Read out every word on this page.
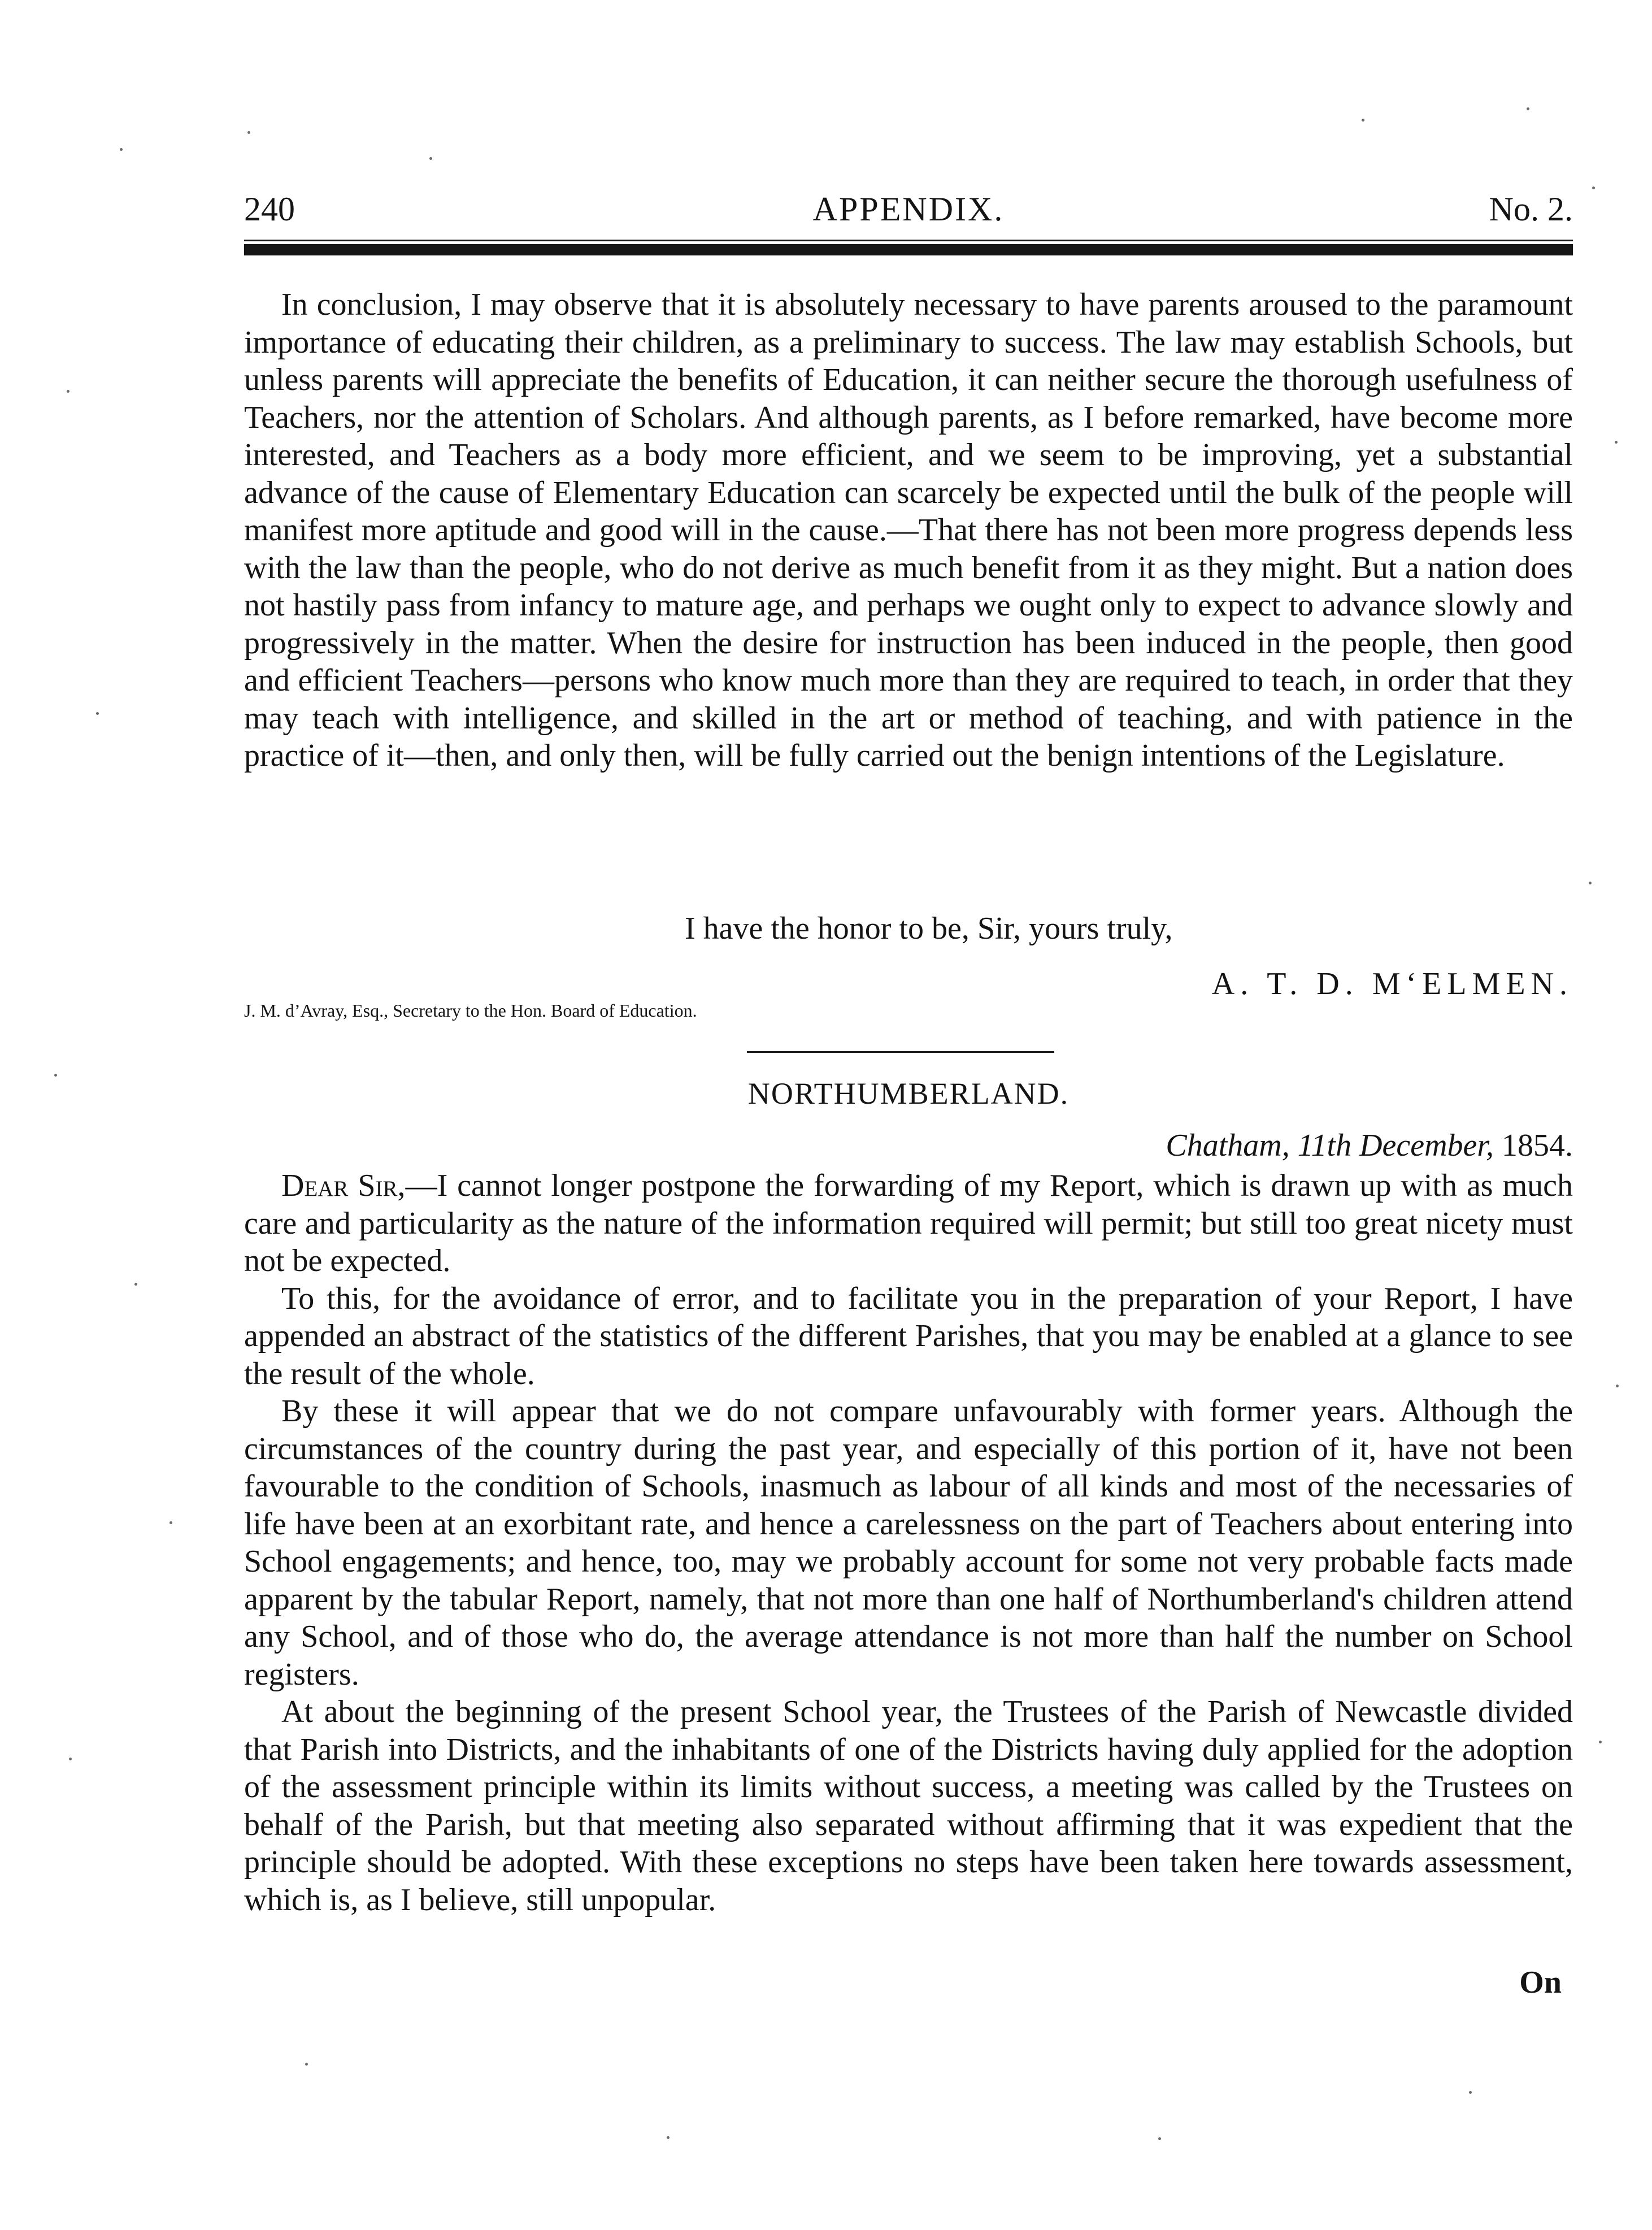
240	APPENDIX.	No. 2.

In conclusion, I may observe that it is absolutely necessary to have parents aroused to the paramount importance of educating their children, as a preliminary to success. The law may establish Schools, but unless parents will appreciate the benefits of Education, it can neither secure the thorough usefulness of Teachers, nor the attention of Scholars. And although parents, as I before remarked, have become more interested, and Teachers as a body more efficient, and we seem to be improving, yet a substantial advance of the cause of Elementary Education can scarcely be expected until the bulk of the people will manifest more aptitude and good will in the cause.—That there has not been more progress depends less with the law than the people, who do not derive as much benefit from it as they might. But a nation does not hastily pass from infancy to mature age, and perhaps we ought only to expect to advance slowly and progressively in the matter. When the desire for instruction has been induced in the people, then good and efficient Teachers—persons who know much more than they are required to teach, in order that they may teach with intelligence, and skilled in the art or method of teaching, and with patience in the practice of it—then, and only then, will be fully carried out the benign intentions of the Legislature.

I have the honor to be, Sir, yours truly,
A. T. D. M‘ELMEN.
J. M. d’Avray, Esq., Secretary to the Hon. Board of Education.
NORTHUMBERLAND.
Chatham, 11th December, 1854.

Dear Sir,—I cannot longer postpone the forwarding of my Report, which is drawn up with as much care and particularity as the nature of the information required will permit; but still too great nicety must not be expected.

To this, for the avoidance of error, and to facilitate you in the preparation of your Report, I have appended an abstract of the statistics of the different Parishes, that you may be enabled at a glance to see the result of the whole.

By these it will appear that we do not compare unfavourably with former years. Although the circumstances of the country during the past year, and especially of this portion of it, have not been favourable to the condition of Schools, inasmuch as labour of all kinds and most of the necessaries of life have been at an exorbitant rate, and hence a carelessness on the part of Teachers about entering into School engagements; and hence, too, may we probably account for some not very probable facts made apparent by the tabular Report, namely, that not more than one half of Northumberland's children attend any School, and of those who do, the average attendance is not more than half the number on School registers.

At about the beginning of the present School year, the Trustees of the Parish of Newcastle divided that Parish into Districts, and the inhabitants of one of the Districts having duly applied for the adoption of the assessment principle within its limits without success, a meeting was called by the Trustees on behalf of the Parish, but that meeting also separated without affirming that it was expedient that the principle should be adopted. With these exceptions no steps have been taken here towards assessment, which is, as I believe, still unpopular.

On
